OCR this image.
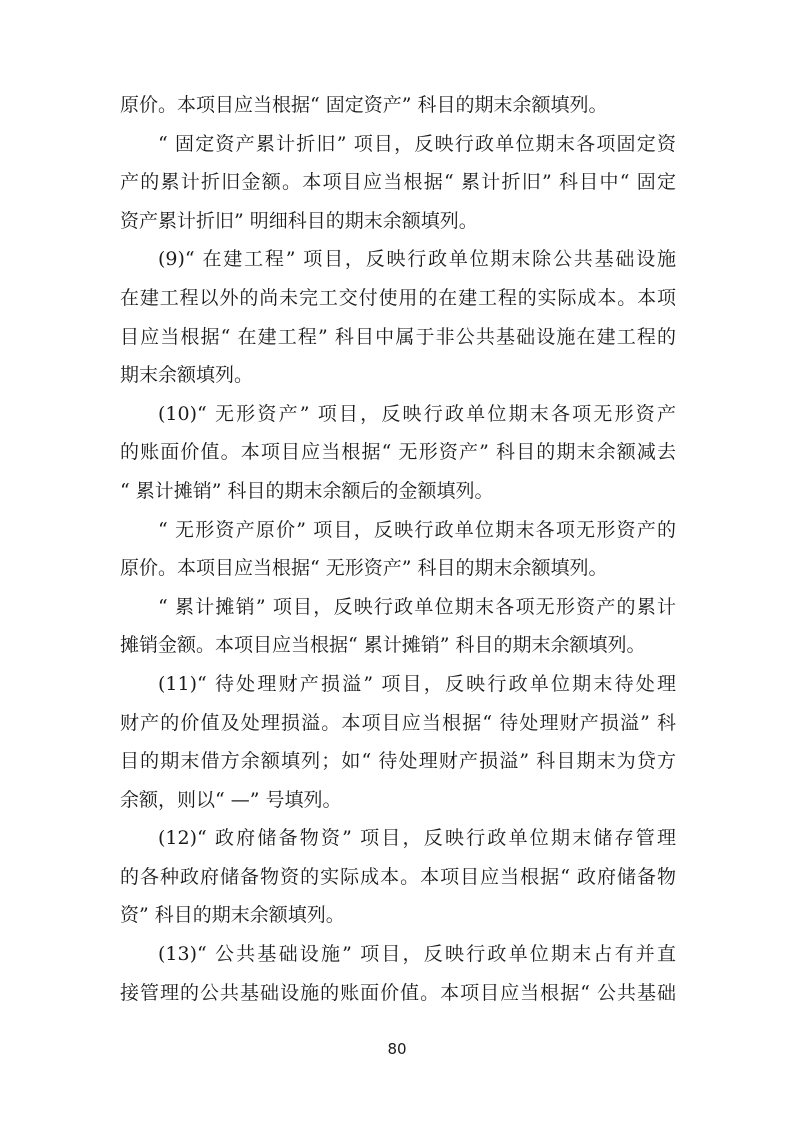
原价。本项目应当根据“ 固定资产” 科目的期末余额填列。
“ 固定资产累计折旧” 项目，反映行政单位期末各项固定资
产的累计折旧金额。本项目应当根据“ 累计折旧” 科目中“ 固定
资产累计折旧” 明细科目的期末余额填列。
(9)“ 在建工程” 项目，反映行政单位期末除公共基础设施
在建工程以外的尚未完工交付使用的在建工程的实际成本。本项
目应当根据“ 在建工程” 科目中属于非公共基础设施在建工程的
期末余额填列。
(10)“ 无形资产” 项目，反映行政单位期末各项无形资产
的账面价值。本项目应当根据“ 无形资产” 科目的期末余额减去
“ 累计摊销” 科目的期末余额后的金额填列。
“ 无形资产原价” 项目，反映行政单位期末各项无形资产的
原价。本项目应当根据“ 无形资产” 科目的期末余额填列。
“ 累计摊销” 项目，反映行政单位期末各项无形资产的累计
摊销金额。本项目应当根据“ 累计摊销” 科目的期末余额填列。
(11)“ 待处理财产损溢” 项目，反映行政单位期末待处理
财产的价值及处理损溢。本项目应当根据“ 待处理财产损溢” 科
目的期末借方余额填列；如“ 待处理财产损溢” 科目期末为贷方
余额，则以“ —” 号填列。
(12)“ 政府储备物资” 项目，反映行政单位期末储存管理
的各种政府储备物资的实际成本。本项目应当根据“ 政府储备物
资” 科目的期末余额填列。
(13)“ 公共基础设施” 项目，反映行政单位期末占有并直
接管理的公共基础设施的账面价值。本项目应当根据“ 公共基础
80
